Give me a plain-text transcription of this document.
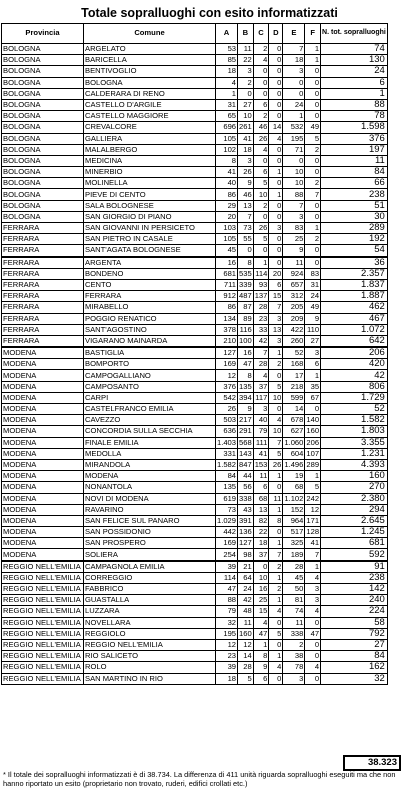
Totale sopralluoghi con esito informatizzati
Provincia	Comune	A	B	C	D	E	F	N. tot. sopralluoghi
BOLOGNA	ARGELATO	53	11	2	0	7	1	74
BOLOGNA	BARICELLA	85	22	4	0	18	1	130
BOLOGNA	BENTIVOGLIO	18	3	0	0	3	0	24
BOLOGNA	BOLOGNA	4	2	0	0	0	0	6
BOLOGNA	CALDERARA DI RENO	1	0	0	0	0	0	1
BOLOGNA	CASTELLO D'ARGILE	31	27	6	0	24	0	88
BOLOGNA	CASTELLO MAGGIORE	65	10	2	0	1	0	78
BOLOGNA	CREVALCORE	696	261	46	14	532	49	1.598
BOLOGNA	GALLIERA	105	41	26	4	195	5	376
BOLOGNA	MALALBERGO	102	18	4	0	71	2	197
BOLOGNA	MEDICINA	8	3	0	0	0	0	11
BOLOGNA	MINERBIO	41	26	6	1	10	0	84
BOLOGNA	MOLINELLA	40	9	5	0	10	2	66
BOLOGNA	PIEVE DI CENTO	86	46	10	1	88	7	238
BOLOGNA	SALA BOLOGNESE	29	13	2	0	7	0	51
BOLOGNA	SAN GIORGIO DI PIANO	20	7	0	0	3	0	30
FERRARA	SAN GIOVANNI IN PERSICETO	103	73	26	3	83	1	289
FERRARA	SAN PIETRO IN CASALE	105	55	5	0	25	2	192
FERRARA	SANT'AGATA BOLOGNESE	45	0	0	0	9	0	54
FERRARA	ARGENTA	16	8	1	0	11	0	36
FERRARA	BONDENO	681	535	114	20	924	83	2.357
FERRARA	CENTO	711	339	93	6	657	31	1.837
FERRARA	FERRARA	912	487	137	15	312	24	1.887
FERRARA	MIRABELLO	86	87	28	7	205	49	462
FERRARA	POGGIO RENATICO	134	89	23	3	209	9	467
FERRARA	SANT'AGOSTINO	378	116	33	13	422	110	1.072
FERRARA	VIGARANO MAINARDA	210	100	42	3	260	27	642
MODENA	BASTIGLIA	127	16	7	1	52	3	206
MODENA	BOMPORTO	169	47	28	2	168	6	420
MODENA	CAMPOGALLIANO	12	8	4	0	17	1	42
MODENA	CAMPOSANTO	376	135	37	5	218	35	806
MODENA	CARPI	542	394	117	10	599	67	1.729
MODENA	CASTELFRANCO EMILIA	26	9	3	0	14	0	52
MODENA	CAVEZZO	503	217	40	4	678	140	1.582
MODENA	CONCORDIA SULLA SECCHIA	636	291	79	10	627	160	1.803
MODENA	FINALE EMILIA	1.403	568	111	7	1.060	206	3.355
MODENA	MEDOLLA	331	143	41	5	604	107	1.231
MODENA	MIRANDOLA	1.582	847	153	26	1.496	289	4.393
MODENA	MODENA	84	44	11	1	19	1	160
MODENA	NONANTOLA	135	56	6	0	68	5	270
MODENA	NOVI DI MODENA	619	338	68	11	1.102	242	2.380
MODENA	RAVARINO	73	43	13	1	152	12	294
MODENA	SAN FELICE SUL PANARO	1.029	391	82	8	964	171	2.645
MODENA	SAN POSSIDONIO	442	136	22	0	517	128	1.245
MODENA	SAN PROSPERO	169	127	18	1	325	41	681
MODENA	SOLIERA	254	98	37	7	189	7	592
REGGIO NELL'EMILIA	CAMPAGNOLA EMILIA	39	21	0	2	28	1	91
REGGIO NELL'EMILIA	CORREGGIO	114	64	10	1	45	4	238
REGGIO NELL'EMILIA	FABBRICO	47	24	16	2	50	3	142
REGGIO NELL'EMILIA	GUASTALLA	88	42	25	1	81	3	240
REGGIO NELL'EMILIA	LUZZARA	79	48	15	4	74	4	224
REGGIO NELL'EMILIA	NOVELLARA	32	11	4	0	11	0	58
REGGIO NELL'EMILIA	REGGIOLO	195	160	47	5	338	47	792
REGGIO NELL'EMILIA	REGGIO NELL'EMILIA	12	12	1	0	2	0	27
REGGIO NELL'EMILIA	RIO SALICETO	23	14	8	1	38	0	84
REGGIO NELL'EMILIA	ROLO	39	28	9	4	78	4	162
REGGIO NELL'EMILIA	SAN MARTINO IN RIO	18	5	6	0	3	0	32
38.323
* Il totale dei sopralluoghi informatizzati è di 38.734. La differenza di 411 unità riguarda sopralluoghi eseguiti ma che non hanno riportato un esito (proprietario non trovato, ruderi, edifici crollati etc.)
